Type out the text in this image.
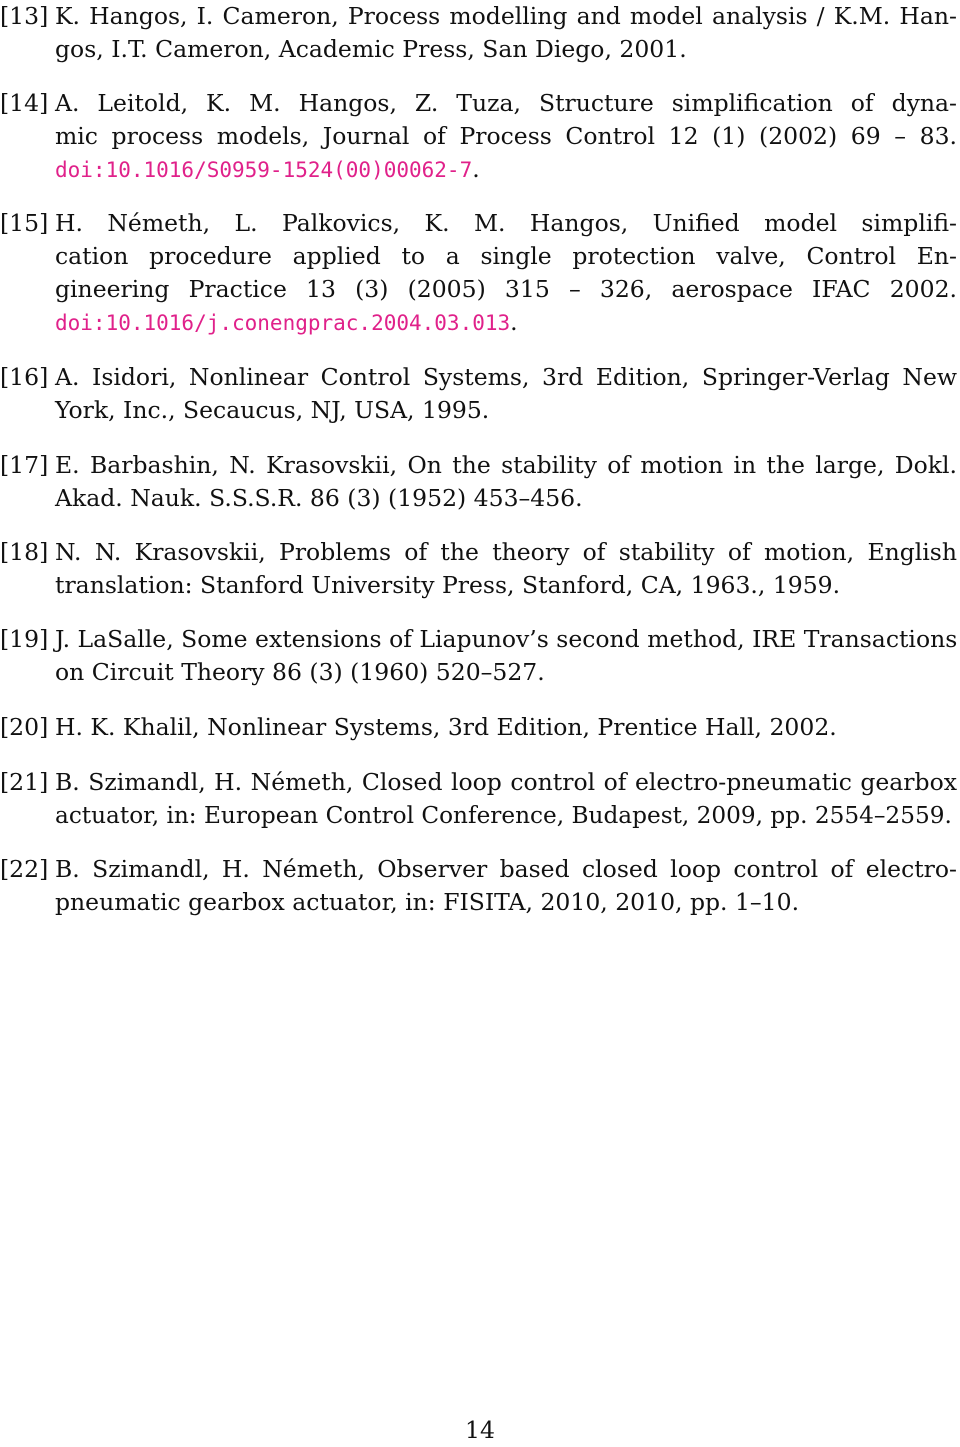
[13] K. Hangos, I. Cameron, Process modelling and model analysis / K.M. Han-
gos, I.T. Cameron, Academic Press, San Diego, 2001.
[14] A. Leitold, K. M. Hangos, Z. Tuza, Structure simplification of dyna-
mic process models, Journal of Process Control 12 (1) (2002) 69 – 83.
doi:10.1016/S0959-1524(00)00062-7.
[15] H. Németh, L. Palkovics, K. M. Hangos, Unified model simplifi-
cation procedure applied to a single protection valve, Control En-
gineering Practice 13 (3) (2005) 315 – 326, aerospace IFAC 2002.
doi:10.1016/j.conengprac.2004.03.013.
[16] A. Isidori, Nonlinear Control Systems, 3rd Edition, Springer-Verlag New
York, Inc., Secaucus, NJ, USA, 1995.
[17] E. Barbashin, N. Krasovskii, On the stability of motion in the large, Dokl.
Akad. Nauk. S.S.S.R. 86 (3) (1952) 453–456.
[18] N. N. Krasovskii, Problems of the theory of stability of motion, English
translation: Stanford University Press, Stanford, CA, 1963., 1959.
[19] J. LaSalle, Some extensions of Liapunov’s second method, IRE Transactions
on Circuit Theory 86 (3) (1960) 520–527.
[20] H. K. Khalil, Nonlinear Systems, 3rd Edition, Prentice Hall, 2002.
[21] B. Szimandl, H. Németh, Closed loop control of electro-pneumatic gearbox
actuator, in: European Control Conference, Budapest, 2009, pp. 2554–2559.
[22] B. Szimandl, H. Németh, Observer based closed loop control of electro-
pneumatic gearbox actuator, in: FISITA, 2010, 2010, pp. 1–10.
14
